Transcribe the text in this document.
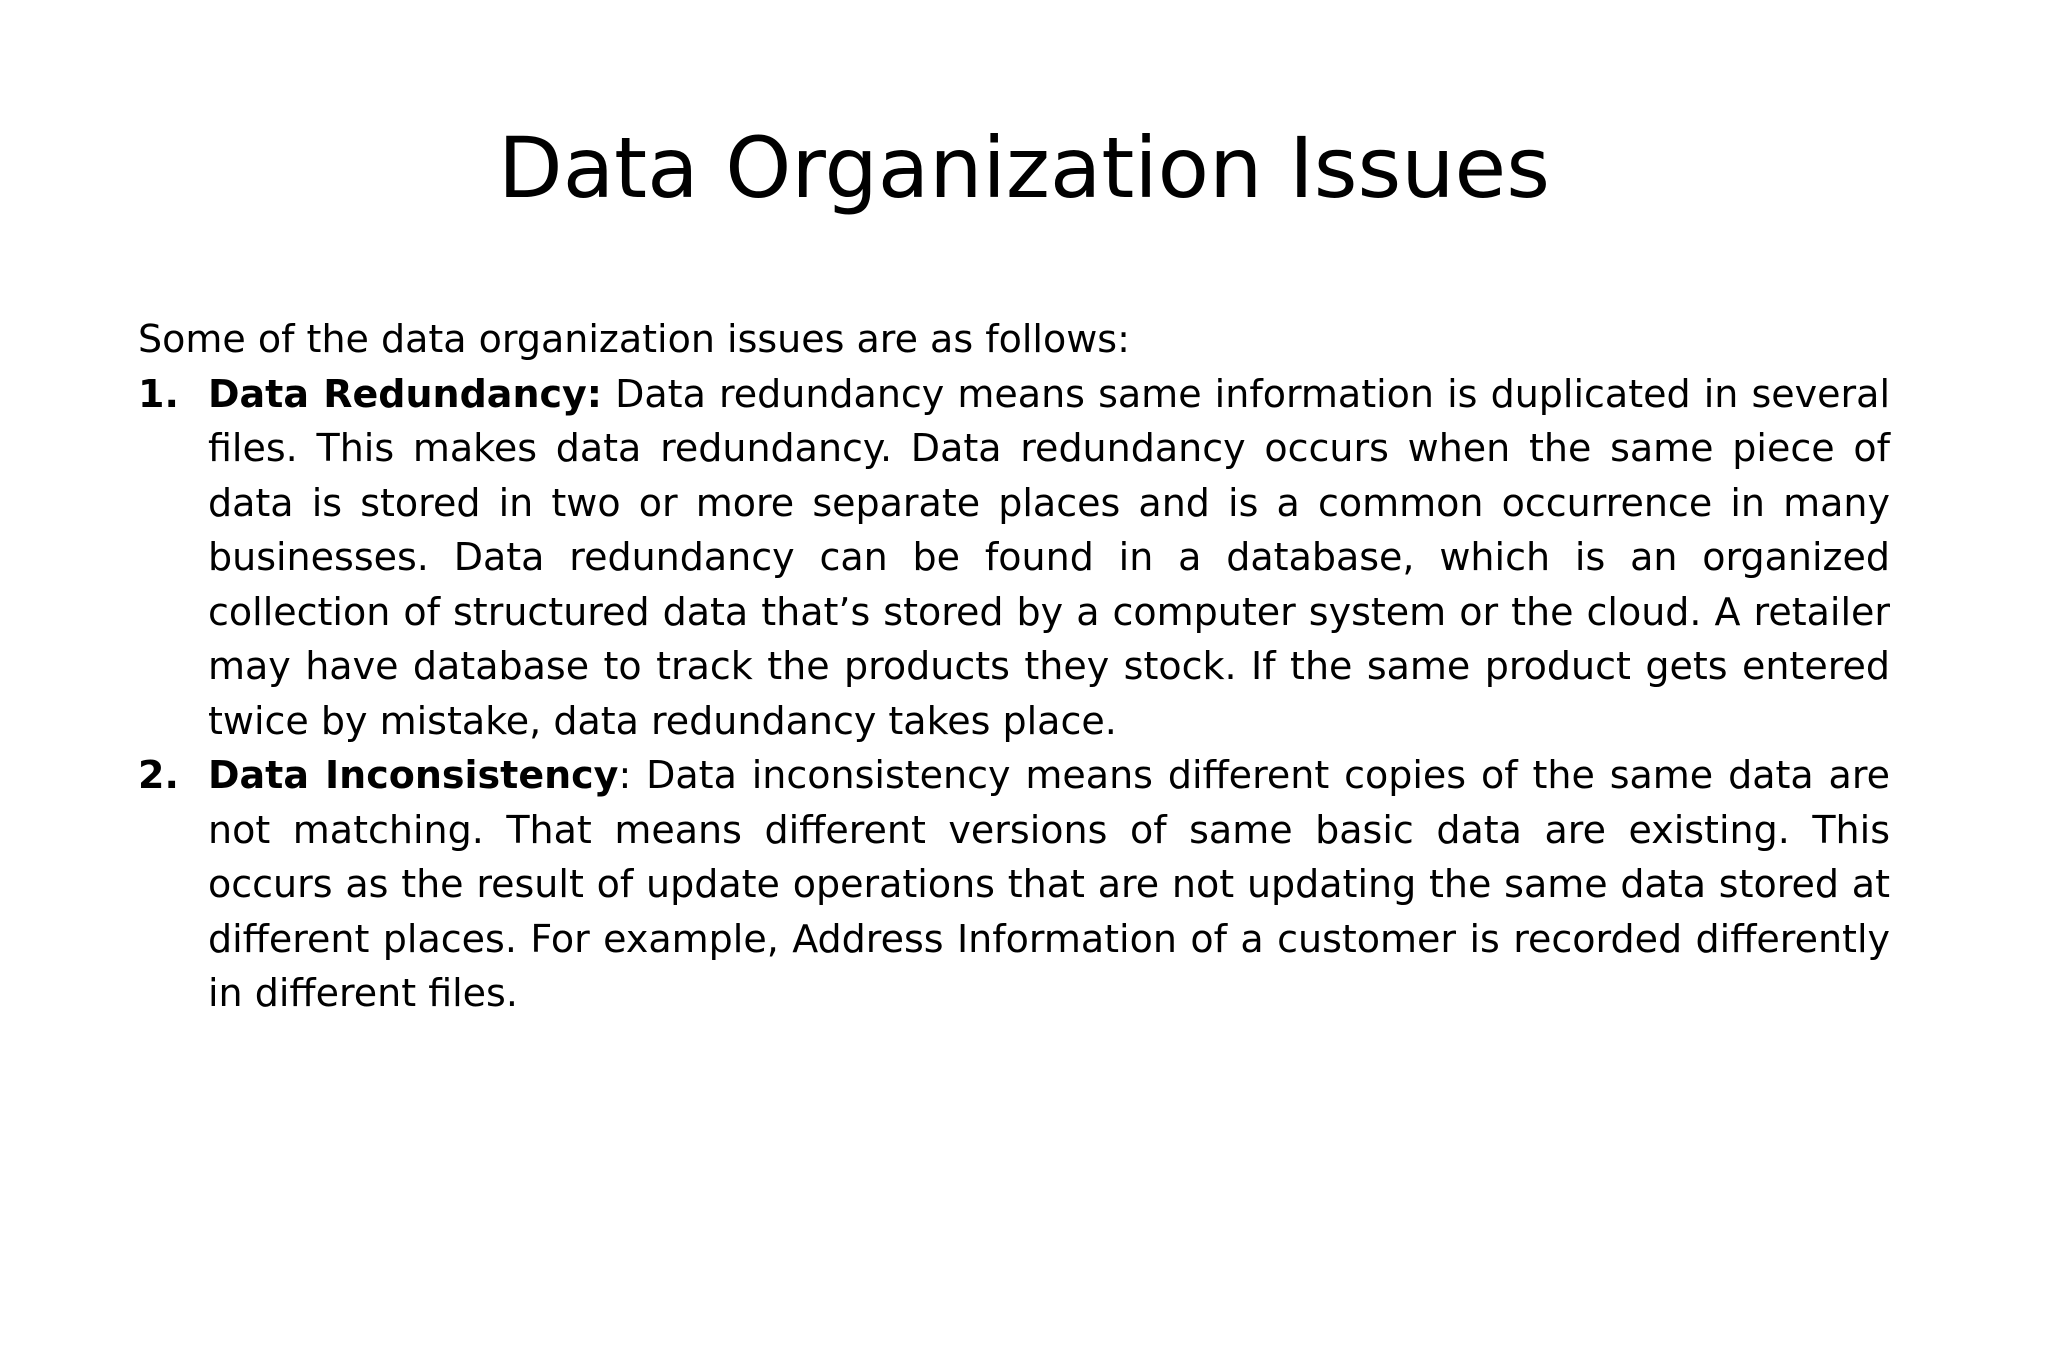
Data Organization Issues

Some of the data organization issues are as follows:

1. Data Redundancy: Data redundancy means same information is duplicated in several files. This makes data redundancy. Data redundancy occurs when the same piece of data is stored in two or more separate places and is a common occurrence in many businesses. Data redundancy can be found in a database, which is an organized collection of structured data that’s stored by a computer system or the cloud. A retailer may have database to track the products they stock. If the same product gets entered twice by mistake, data redundancy takes place.
2. Data Inconsistency: Data inconsistency means different copies of the same data are not matching. That means different versions of same basic data are existing. This occurs as the result of update operations that are not updating the same data stored at different places. For example, Address Information of a customer is recorded differently in different files.
